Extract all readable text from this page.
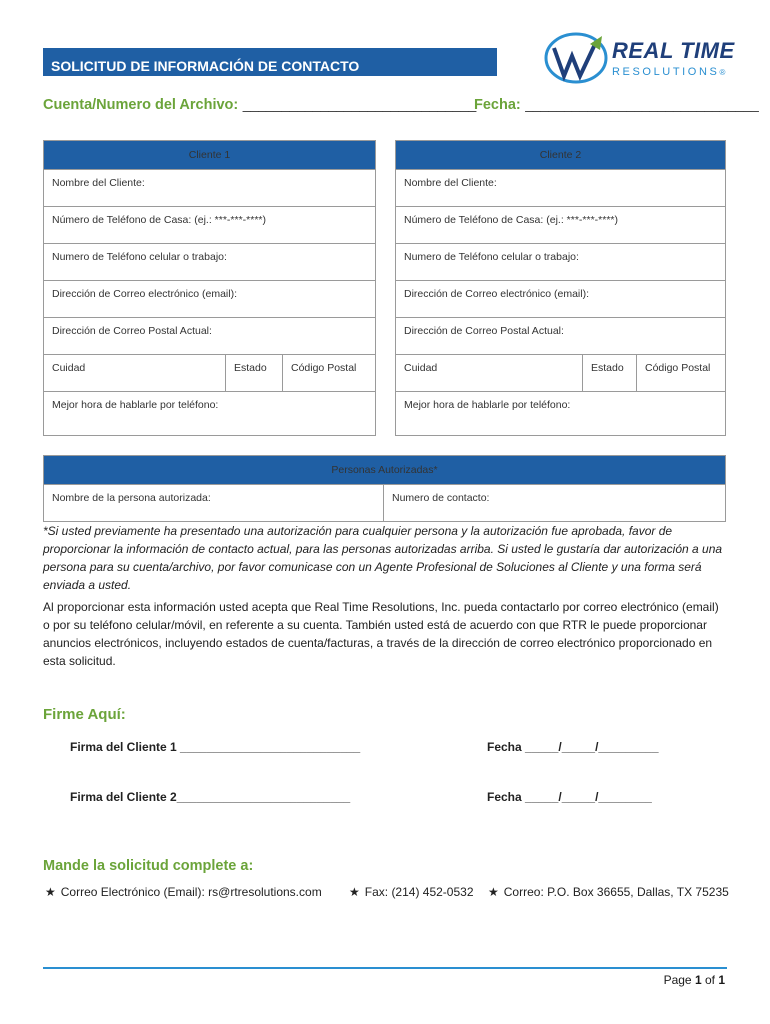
SOLICITUD DE INFORMACIÓN DE CONTACTO
REAL TIME
RESOLUTIONS®
Cuenta/Numero del Archivo: ______________________________
Fecha: ______________________________
Cliente 1
Nombre del Cliente:
Número de Teléfono de Casa: (ej.: ***-***-****)
Numero de Teléfono celular o trabajo:
Dirección de Correo electrónico (email):
Dirección de Correo Postal Actual:
Cuidad	Estado	Código Postal
Mejor hora de hablarle por teléfono:
Cliente 2
Nombre del Cliente:
Número de Teléfono de Casa: (ej.: ***-***-****)
Numero de Teléfono celular o trabajo:
Dirección de Correo electrónico (email):
Dirección de Correo Postal Actual:
Cuidad	Estado	Código Postal
Mejor hora de hablarle por teléfono:
Personas Autorizadas*
Nombre de la persona autorizada:	Numero de contacto:
*Si usted previamente ha presentado una autorización para cualquier persona y la autorización fue aprobada, favor de proporcionar la información de contacto actual, para las personas autorizadas arriba. Si usted le gustaría dar autorización a una persona para su cuenta/archivo, por favor comunicase con un Agente Profesional de Soluciones al Cliente y una forma será enviada a usted.
Al proporcionar esta información usted acepta que Real Time Resolutions, Inc. pueda contactarlo por correo electrónico (email) o por su teléfono celular/móvil, en referente a su cuenta. También usted está de acuerdo con que RTR le puede proporcionar anuncios electrónicos, incluyendo estados de cuenta/facturas, a través de la dirección de correo electrónico proporcionado en esta solicitud.
Firme Aquí:
Firma del Cliente 1 ___________________________	Fecha _____/_____/_________
Firma del Cliente 2__________________________	Fecha _____/_____/________
Mande la solicitud complete a:
★ Correo Electrónico (Email): rs@rtresolutions.com ★ Fax: (214) 452-0532 ★ Correo: P.O. Box 36655, Dallas, TX 75235
Page 1 of 1
